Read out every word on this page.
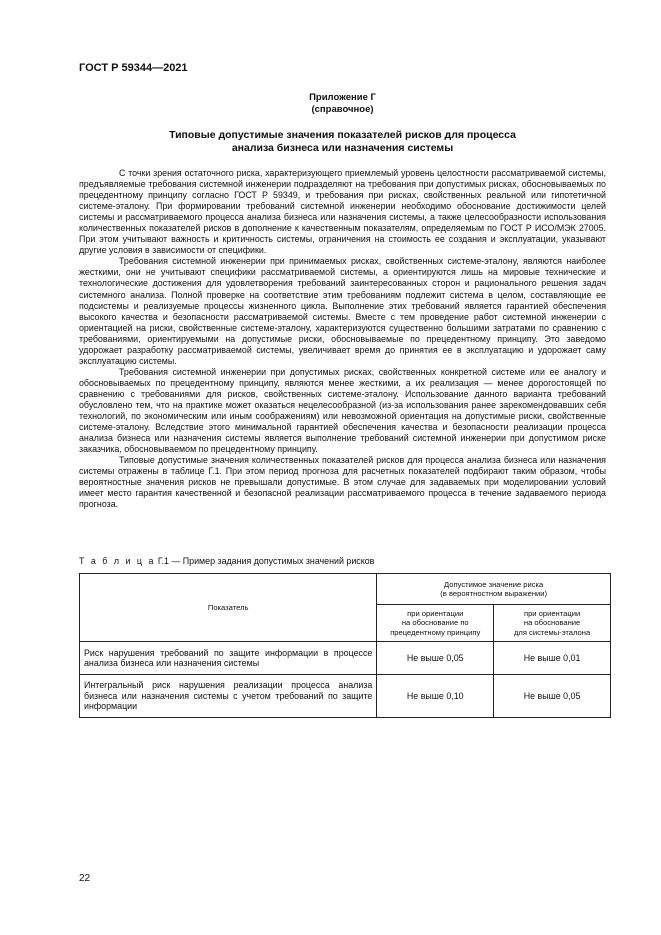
ГОСТ Р 59344—2021
Приложение Г
(справочное)
Типовые допустимые значения показателей рисков для процесса
анализа бизнеса или назначения системы

С точки зрения остаточного риска, характеризующего приемлемый уровень целостности рассматриваемой системы, предъявляемые требования системной инженерии подразделяют на требования при допустимых рисках, обосновываемых по прецедентному принципу согласно ГОСТ Р 59349, и требования при рисках, свойственных реальной или гипотетичной системе-эталону. При формировании требований системной инженерии необходимо обоснование достижимости целей системы и рассматриваемого процесса анализа бизнеса или назначения системы, а также целесообразности использования количественных показателей рисков в дополнение к качественным показателям, определяемым по ГОСТ Р ИСО/МЭК 27005. При этом учитывают важность и критичность системы, ограничения на стоимость ее создания и эксплуатации, указывают другие условия в зависимости от специфики.

Требования системной инженерии при принимаемых рисках, свойственных системе-эталону, являются наиболее жесткими, они не учитывают специфики рассматриваемой системы, а ориентируются лишь на мировые технические и технологические достижения для удовлетворения требований заинтересованных сторон и рационального решения задач системного анализа. Полной проверке на соответствие этим требованиям подлежит система в целом, составляющие ее подсистемы и реализуемые процессы жизненного цикла. Выполнение этих требований является гарантией обеспечения высокого качества и безопасности рассматриваемой системы. Вместе с тем проведение работ системной инженерии с ориентацией на риски, свойственные системе-эталону, характеризуются существенно большими затратами по сравнению с требованиями, ориентируемыми на допустимые риски, обосновываемые по прецедентному принципу. Это заведомо удорожает разработку рассматриваемой системы, увеличивает время до принятия ее в эксплуатацию и удорожает саму эксплуатацию системы.

Требования системной инженерии при допустимых рисках, свойственных конкретной системе или ее аналогу и обосновываемых по прецедентному принципу, являются менее жесткими, а их реализация — менее дорогостоящей по сравнению с требованиями для рисков, свойственных системе-эталону. Использование данного варианта требований обусловлено тем, что на практике может оказаться нецелесообразной (из-за использования ранее зарекомендовавших себя технологий, по экономическим или иным соображениям) или невозможной ориентация на допустимые риски, свойственные системе-эталону. Вследствие этого минимальной гарантией обеспечения качества и безопасности реализации процесса анализа бизнеса или назначения системы является выполнение требований системной инженерии при допустимом риске заказчика, обосновываемом по прецедентному принципу.

Типовые допустимые значения количественных показателей рисков для процесса анализа бизнеса или назначения системы отражены в таблице Г.1. При этом период прогноза для расчетных показателей подбирают таким образом, чтобы вероятностные значения рисков не превышали допустимые. В этом случае для задаваемых при моделировании условий имеет место гарантия качественной и безопасной реализации рассматриваемого процесса в течение задаваемого периода прогноза.

Т а б л и ц а Г.1 — Пример задания допустимых значений рисков
Показатель	Допустимое значение риска
(в вероятностном выражении)	
	при ориентации
на обоснование по
прецедентному принципу	при ориентации
на обоснование
для системы-эталона
Риск нарушения требований по защите информации в процессе анализа бизнеса или назначения системы	Не выше 0,05	Не выше 0,01
Интегральный риск нарушения реализации процесса анализа бизнеса или назначения системы с учетом требований по защите информации	Не выше 0,10	Не выше 0,05
22
